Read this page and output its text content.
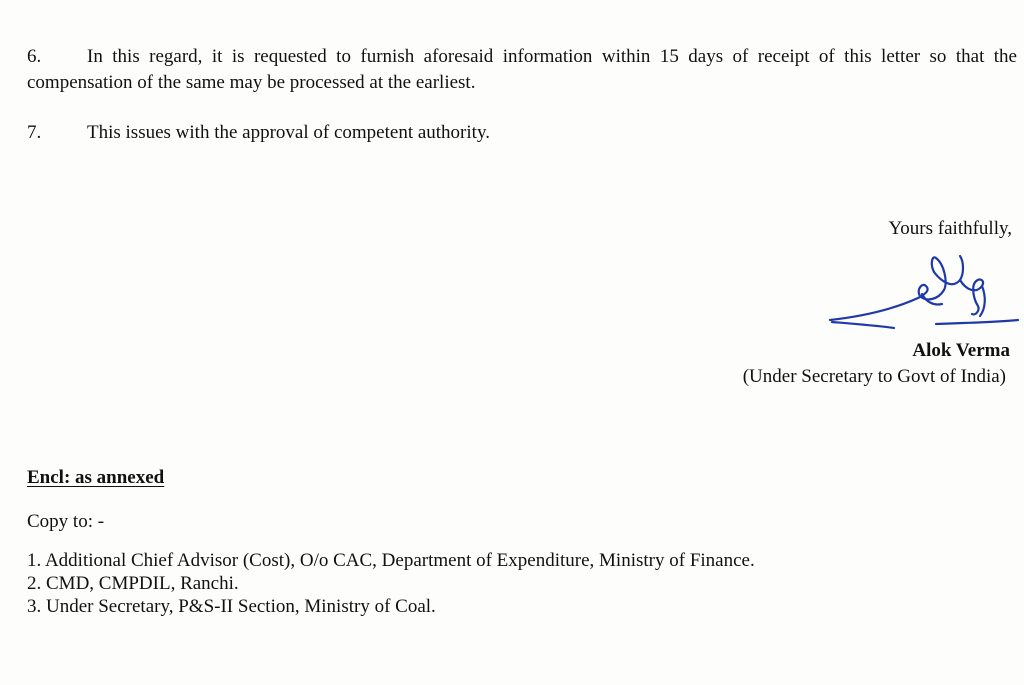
6. In this regard, it is requested to furnish aforesaid information within 15 days of receipt of this letter so that the compensation of the same may be processed at the earliest.
7. This issues with the approval of competent authority.
Yours faithfully,
Alok Verma
(Under Secretary to Govt of India)
Encl: as annexed
Copy to: -
1. Additional Chief Advisor (Cost), O/o CAC, Department of Expenditure, Ministry of Finance.
2. CMD, CMPDIL, Ranchi.
3. Under Secretary, P&S-II Section, Ministry of Coal.
